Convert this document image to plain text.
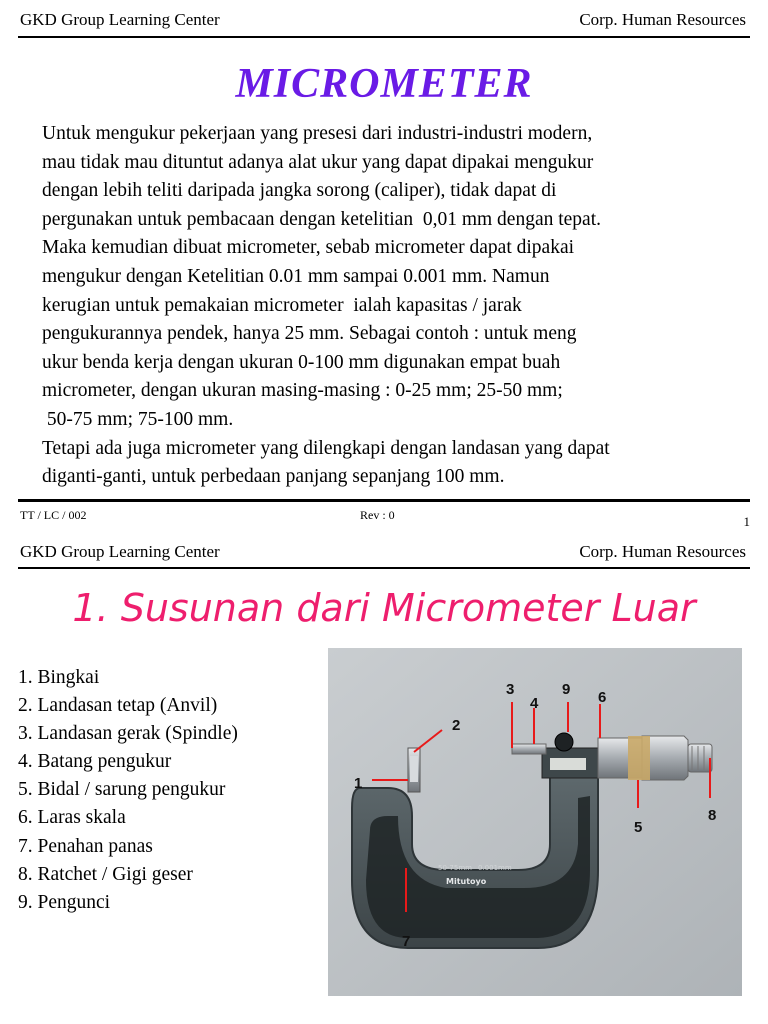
GKD Group Learning Center	Corp. Human Resources
MICROMETER
Untuk mengukur pekerjaan yang presesi dari industri-industri modern,
mau tidak mau dituntut adanya alat ukur yang dapat dipakai mengukur
dengan lebih teliti daripada jangka sorong (caliper), tidak dapat di
pergunakan untuk pembacaan dengan ketelitian  0,01 mm dengan tepat.
Maka kemudian dibuat micrometer, sebab micrometer dapat dipakai
mengukur dengan Ketelitian 0.01 mm sampai 0.001 mm. Namun
kerugian untuk pemakaian micrometer  ialah kapasitas / jarak
pengukurannya pendek, hanya 25 mm. Sebagai contoh : untuk meng
ukur benda kerja dengan ukuran 0-100 mm digunakan empat buah
micrometer, dengan ukuran masing-masing : 0-25 mm; 25-50 mm;
50-75 mm; 75-100 mm.
Tetapi ada juga micrometer yang dilengkapi dengan landasan yang dapat
diganti-ganti, untuk perbedaan panjang sepanjang 100 mm.
TT / LC / 002	Rev : 0	1
GKD Group Learning Center	Corp. Human Resources
1. Susunan dari Micrometer Luar
1. Bingkai
2. Landasan tetap (Anvil)
3. Landasan gerak (Spindle)
4. Batang pengukur
5. Bidal / sarung pengukur
6. Laras skala
7. Penahan panas
8. Ratchet / Gigi geser
9. Pengunci
50-75mm 0.001mm
Mitutoyo
1
2
3
4
5
6
7
8
9
